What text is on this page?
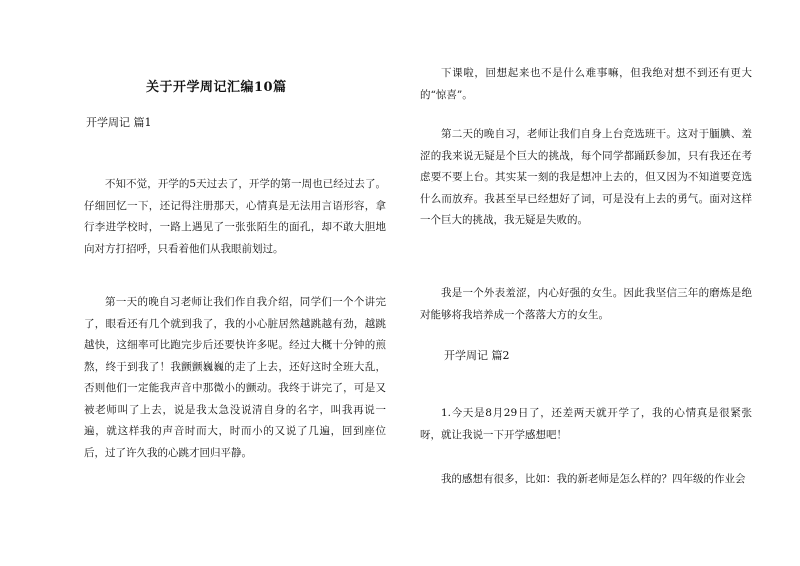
关于开学周记汇编10篇
开学周记 篇1
不知不觉，开学的5天过去了，开学的第一周也已经过去了。仔细回忆一下，还记得注册那天，心情真是无法用言语形容，拿行李进学校时，一路上遇见了一张张陌生的面孔，却不敢大胆地向对方打招呼，只看着他们从我眼前划过。
第一天的晚自习老师让我们作自我介绍，同学们一个个讲完了，眼看还有几个就到我了，我的小心脏居然越跳越有劲，越跳越快，这细率可比跑完步后还要快许多呢。经过大概十分钟的煎熬，终于到我了！我颤颤巍巍的走了上去，还好这时全班大乱，否则他们一定能我声音中那微小的颤动。我终于讲完了，可是又被老师叫了上去，说是我太急没说清自身的名字，叫我再说一遍，就这样我的声音时而大，时而小的又说了几遍，回到座位后，过了许久我的心跳才回归平静。
下课啦，回想起来也不是什么难事嘛，但我绝对想不到还有更大的“惊喜”。
第二天的晚自习，老师让我们自身上台竞选班干。这对于腼腆、羞涩的我来说无疑是个巨大的挑战，每个同学都踊跃参加，只有我还在考虑要不要上台。其实某一刻的我是想冲上去的，但又因为不知道要竞选什么而放弃。我甚至早已经想好了词，可是没有上去的勇气。面对这样一个巨大的挑战，我无疑是失败的。
我是一个外表羞涩，内心好强的女生。因此我坚信三年的磨炼是绝对能够将我培养成一个落落大方的女生。
开学周记 篇2
1.今天是8月29日了，还差两天就开学了，我的心情真是很紧张呀，就让我说一下开学感想吧！
我的感想有很多，比如：我的新老师是怎么样的？四年级的作业会
